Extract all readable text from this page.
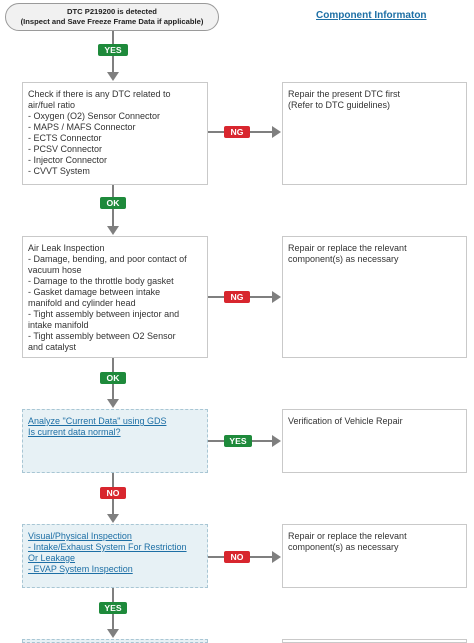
DTC P219200 is detected
(Inspect and Save Freeze Frame Data if applicable)
Component Informaton
YES
Check if there is any DTC related to
air/fuel ratio
- Oxygen (O2) Sensor Connector
- MAPS / MAFS Connector
- ECTS Connector
- PCSV Connector
- Injector Connector
- CVVT System
NG
Repair the present DTC first
(Refer to DTC guidelines)
OK
Air Leak Inspection
- Damage, bending, and poor contact of
vacuum hose
- Damage to the throttle body gasket
- Gasket damage between intake
manifold and cylinder head
- Tight assembly between injector and
intake manifold
- Tight assembly between O2 Sensor
and catalyst
NG
Repair or replace the relevant
component(s) as necessary
OK
Analyze "Current Data" using GDS
Is current data normal?
YES
Verification of Vehicle Repair
NO
Visual/Physical Inspection
- Intake/Exhaust System For Restriction
Or Leakage
- EVAP System Inspection
NO
Repair or replace the relevant
component(s) as necessary
YES
